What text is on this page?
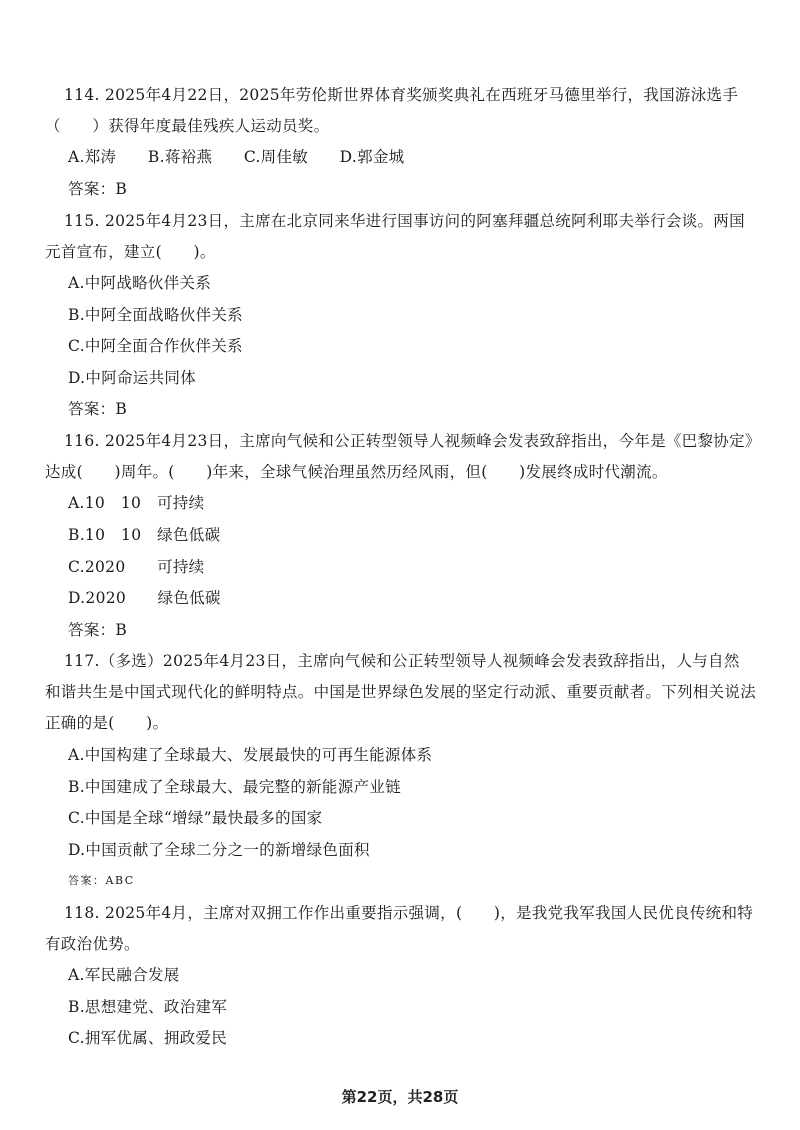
114. 2025年4月22日，2025年劳伦斯世界体育奖颁奖典礼在西班牙马德里举行，我国游泳选手
（　　）获得年度最佳残疾人运动员奖。
A.郑涛　　B.蒋裕燕　　C.周佳敏　　D.郭金城
答案：B
115. 2025年4月23日，主席在北京同来华进行国事访问的阿塞拜疆总统阿利耶夫举行会谈。两国
元首宣布，建立(　　)。
A.中阿战略伙伴关系
B.中阿全面战略伙伴关系
C.中阿全面合作伙伴关系
D.中阿命运共同体
答案：B
116. 2025年4月23日，主席向气候和公正转型领导人视频峰会发表致辞指出，今年是《巴黎协定》
达成(　　)周年。(　　)年来，全球气候治理虽然历经风雨，但(　　)发展终成时代潮流。
A.10　10　可持续
B.10　10　绿色低碳
C.2020　　可持续
D.2020　　绿色低碳
答案：B
117.（多选）2025年4月23日，主席向气候和公正转型领导人视频峰会发表致辞指出，人与自然
和谐共生是中国式现代化的鲜明特点。中国是世界绿色发展的坚定行动派、重要贡献者。下列相关说法
正确的是(　　)。
A.中国构建了全球最大、发展最快的可再生能源体系
B.中国建成了全球最大、最完整的新能源产业链
C.中国是全球“增绿”最快最多的国家
D.中国贡献了全球二分之一的新增绿色面积
答案：ABC
118. 2025年4月，主席对双拥工作作出重要指示强调，(　　)，是我党我军我国人民优良传统和特
有政治优势。
A.军民融合发展
B.思想建党、政治建军
C.拥军优属、拥政爱民
第22页，共28页
